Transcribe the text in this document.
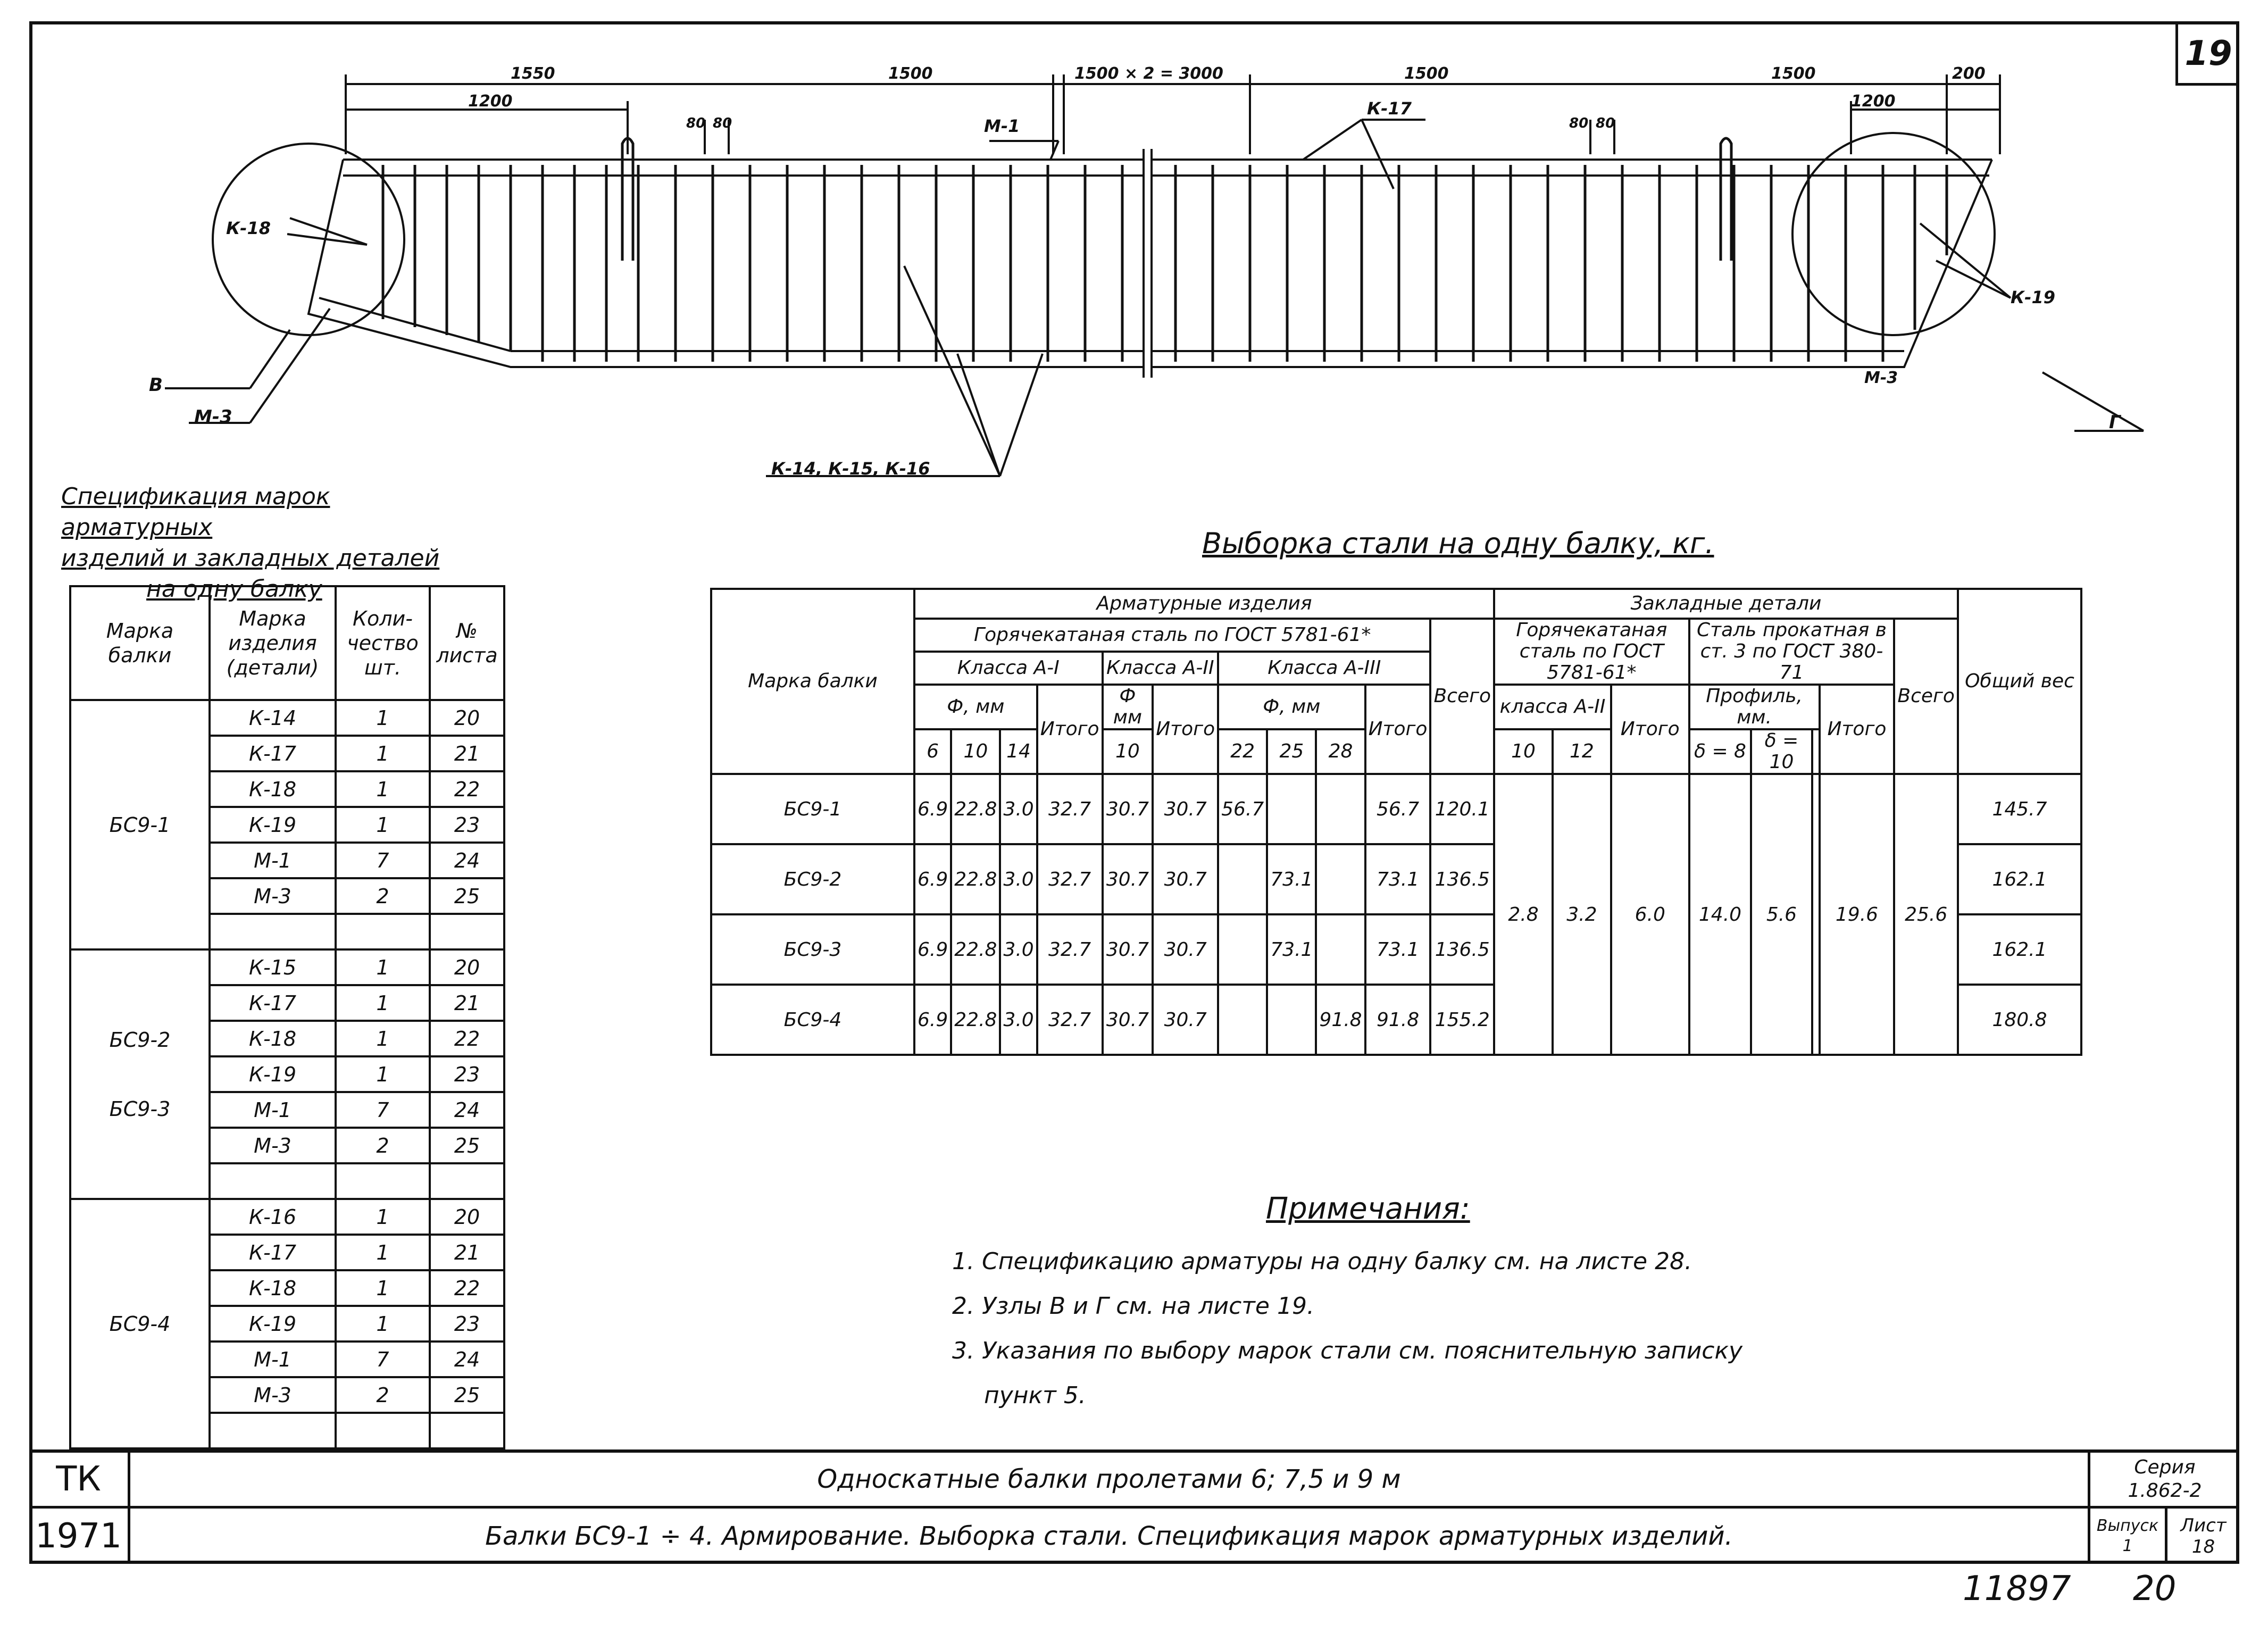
19
1550	1500	1500 × 2 = 3000	1500	1500	200
1200
80 80	80 80
1200
М-1
К-17
К-18
К-19
В
М-3
М-3
Г
К-14, К-15, К-16
Спецификация марок арматурных
изделий и закладных деталей
на одну балку
Марка балки	Марка изделия (детали)	Коли-чество шт.	№ листа
БС9-1	К-14	1	20
	К-17	1	21
	К-18	1	22
	К-19	1	23
	М-1	7	24
	М-3	2	25

БС9-2
БС9-3	К-15	1	20
	К-17	1	21
	К-18	1	22
	К-19	1	23
	М-1	7	24
	М-3	2	25

БС9-4	К-16	1	20
	К-17	1	21
	К-18	1	22
	К-19	1	23
	М-1	7	24
	М-3	2	25

Выборка стали на одну балку, кг.
Марка балки	Арматурные изделия											Закладные детали								Общий вес
	Горячекатаная сталь по ГОСТ 5781-61*										Всего	Горячекатаная сталь по ГОСТ 5781-61*			Сталь прокатная в ст. 3 по ГОСТ 380-71				Всего	
	Класса А-I				Класса А-II		Класса А-III													
	Ф, мм			Итого	Ф мм	Итого	Ф, мм			Итого		класса А-II		Итого	Профиль, мм.			Итого		
	6	10	14		10		22	25	28			10	12		δ = 8	δ = 10				
БС9-1	6.9	22.8	3.0	32.7	30.7	30.7	56.7			56.7	120.1	2.8	3.2	6.0	14.0	5.6		19.6	25.6	145.7
БС9-2	6.9	22.8	3.0	32.7	30.7	30.7		73.1		73.1	136.5									162.1
БС9-3	6.9	22.8	3.0	32.7	30.7	30.7		73.1		73.1	136.5									162.1
БС9-4	6.9	22.8	3.0	32.7	30.7	30.7			91.8	91.8	155.2									180.8
Примечания:
1. Спецификацию арматуры на одну балку см. на листе 28.
2. Узлы В и Г см. на листе 19.
3. Указания по выбору марок стали см. пояснительную записку
пункт 5.
ТК
1971
Односкатные балки пролетами 6; 7,5 и 9 м
Балки БС9-1 ÷ 4. Армирование. Выборка стали. Спецификация марок арматурных изделий.
Серия
1.862-2
Выпуск
1
Лист
18
11897 20
